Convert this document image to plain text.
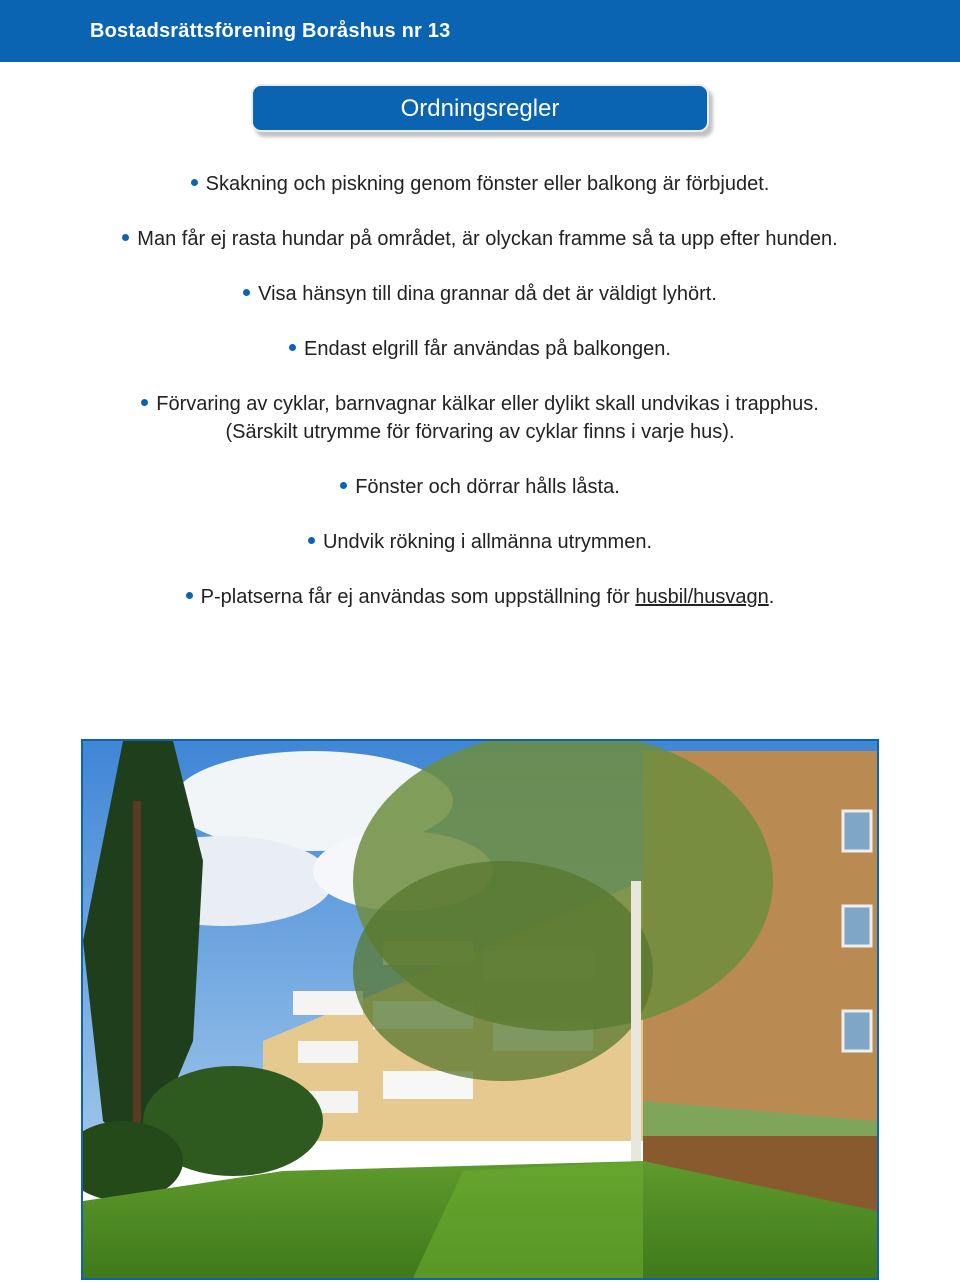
Bostadsrättsförening Boråshus nr 13
Ordningsregler
Skakning och piskning genom fönster eller balkong är förbjudet.
Man får ej rasta hundar på området, är olyckan framme så ta upp efter hunden.
Visa hänsyn till dina grannar då det är väldigt lyhört.
Endast elgrill får användas på balkongen.
Förvaring av cyklar, barnvagnar kälkar eller dylikt skall undvikas i trapphus.
(Särskilt utrymme för förvaring av cyklar finns i varje hus).
Fönster och dörrar hålls låsta.
Undvik rökning i allmänna utrymmen.
P-platserna får ej användas som uppställning för husbil/husvagn.
